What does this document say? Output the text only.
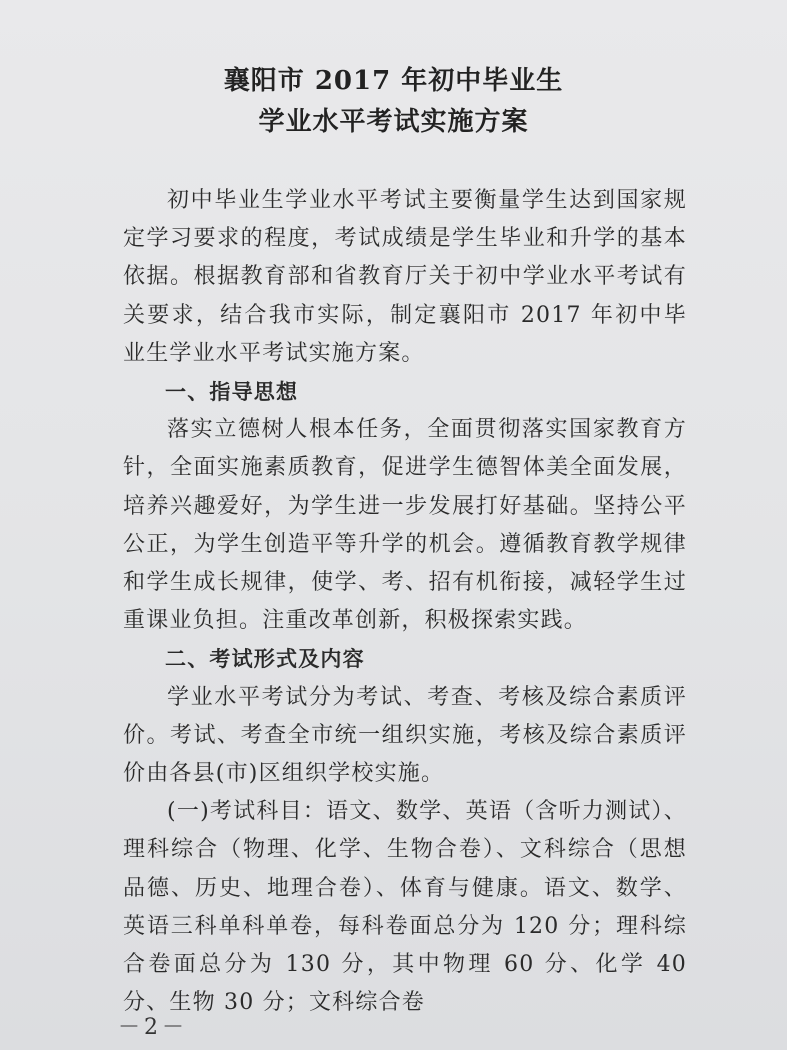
襄阳市 2017 年初中毕业生
学业水平考试实施方案

初中毕业生学业水平考试主要衡量学生达到国家规定学习要求的程度，考试成绩是学生毕业和升学的基本依据。根据教育部和省教育厅关于初中学业水平考试有关要求，结合我市实际，制定襄阳市 2017 年初中毕业生学业水平考试实施方案。

一、指导思想

落实立德树人根本任务，全面贯彻落实国家教育方针，全面实施素质教育，促进学生德智体美全面发展，培养兴趣爱好，为学生进一步发展打好基础。坚持公平公正，为学生创造平等升学的机会。遵循教育教学规律和学生成长规律，使学、考、招有机衔接，减轻学生过重课业负担。注重改革创新，积极探索实践。

二、考试形式及内容

学业水平考试分为考试、考查、考核及综合素质评价。考试、考查全市统一组织实施，考核及综合素质评价由各县(市)区组织学校实施。

(一)考试科目：语文、数学、英语（含听力测试）、理科综合（物理、化学、生物合卷）、文科综合（思想品德、历史、地理合卷）、体育与健康。语文、数学、英语三科单科单卷，每科卷面总分为 120 分；理科综合卷面总分为 130 分，其中物理 60 分、化学 40 分、生物 30 分；文科综合卷

－2－
